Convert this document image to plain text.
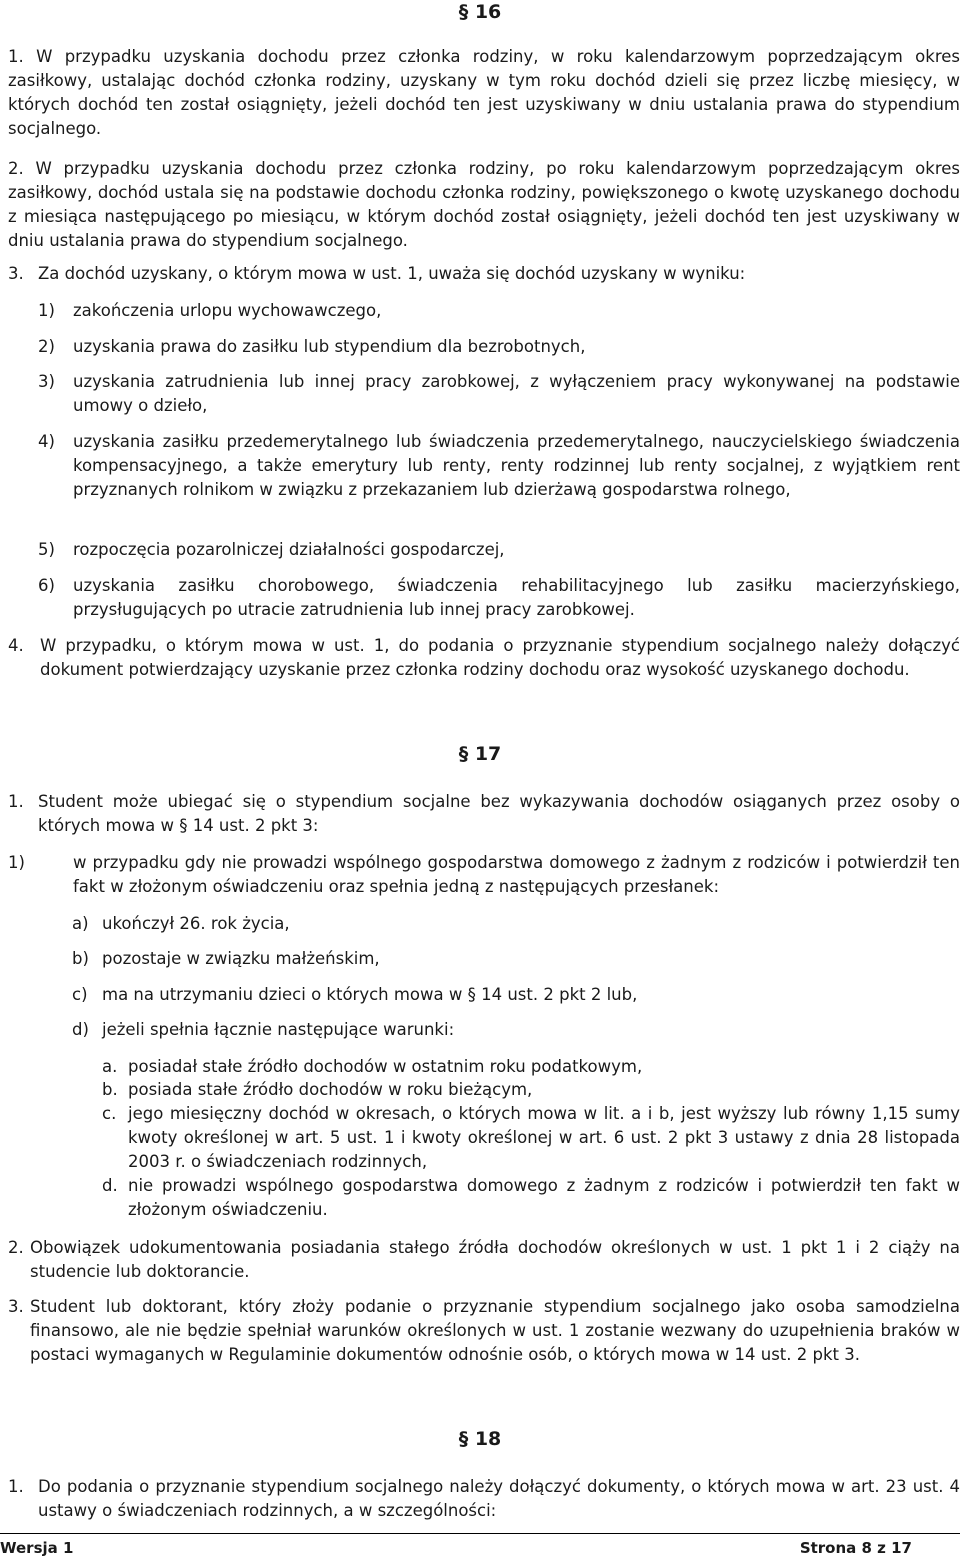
§ 16

1. W przypadku uzyskania dochodu przez członka rodziny, w roku kalendarzowym poprzedzającym okres zasiłkowy, ustalając dochód członka rodziny, uzyskany w tym roku dochód dzieli się przez liczbę miesięcy, w których dochód ten został osiągnięty, jeżeli dochód ten jest uzyskiwany w dniu ustalania prawa do stypendium socjalnego.

2. W przypadku uzyskania dochodu przez członka rodziny, po roku kalendarzowym poprzedzającym okres zasiłkowy, dochód ustala się na podstawie dochodu członka rodziny, powiększonego o kwotę uzyskanego dochodu z miesiąca następującego po miesiącu, w którym dochód został osiągnięty, jeżeli dochód ten jest uzyskiwany w dniu ustalania prawa do stypendium socjalnego.

3. Za dochód uzyskany, o którym mowa w ust. 1, uważa się dochód uzyskany w wyniku:
1) zakończenia urlopu wychowawczego,
2) uzyskania prawa do zasiłku lub stypendium dla bezrobotnych,
3) uzyskania zatrudnienia lub innej pracy zarobkowej, z wyłączeniem pracy wykonywanej na podstawie umowy o dzieło,
4) uzyskania zasiłku przedemerytalnego lub świadczenia przedemerytalnego, nauczycielskiego świadczenia kompensacyjnego, a także emerytury lub renty, renty rodzinnej lub renty socjalnej, z wyjątkiem rent przyznanych rolnikom w związku z przekazaniem lub dzierżawą gospodarstwa rolnego,
5) rozpoczęcia pozarolniczej działalności gospodarczej,
6) uzyskania zasiłku chorobowego, świadczenia rehabilitacyjnego lub zasiłku macierzyńskiego, przysługujących po utracie zatrudnienia lub innej pracy zarobkowej.
4. W przypadku, o którym mowa w ust. 1, do podania o przyznanie stypendium socjalnego należy dołączyć dokument potwierdzający uzyskanie przez członka rodziny dochodu oraz wysokość uzyskanego dochodu.
§ 17
1. Student może ubiegać się o stypendium socjalne bez wykazywania dochodów osiąganych przez osoby o których mowa w § 14 ust. 2 pkt 3:
1)	w przypadku gdy nie prowadzi wspólnego gospodarstwa domowego z żadnym z rodziców i potwierdził ten fakt w złożonym oświadczeniu oraz spełnia jedną z następujących przesłanek:
a) ukończył 26. rok życia,
b) pozostaje w związku małżeńskim,
c) ma na utrzymaniu dzieci o których mowa w § 14 ust. 2 pkt 2 lub,
d) jeżeli spełnia łącznie następujące warunki:
a. posiadał stałe źródło dochodów w ostatnim roku podatkowym,
b. posiada stałe źródło dochodów w roku bieżącym,
c. jego miesięczny dochód w okresach, o których mowa w lit. a i b, jest wyższy lub równy 1,15 sumy kwoty określonej w art. 5 ust. 1 i kwoty określonej w art. 6 ust. 2 pkt 3 ustawy z dnia 28 listopada 2003 r. o świadczeniach rodzinnych,
d. nie prowadzi wspólnego gospodarstwa domowego z żadnym z rodziców i potwierdził ten fakt w złożonym oświadczeniu.
2. Obowiązek udokumentowania posiadania stałego źródła dochodów określonych w ust. 1 pkt 1 i 2 ciąży na studencie lub doktorancie.
3. Student lub doktorant, który złoży podanie o przyznanie stypendium socjalnego jako osoba samodzielna finansowo, ale nie będzie spełniał warunków określonych w ust. 1 zostanie wezwany do uzupełnienia braków w postaci wymaganych w Regulaminie dokumentów odnośnie osób, o których mowa w 14 ust. 2 pkt 3.
§ 18
1. Do podania o przyznanie stypendium socjalnego należy dołączyć dokumenty, o których mowa w art. 23 ust. 4 ustawy o świadczeniach rodzinnych, a w szczególności:
Wersja 1	Strona 8 z 17
